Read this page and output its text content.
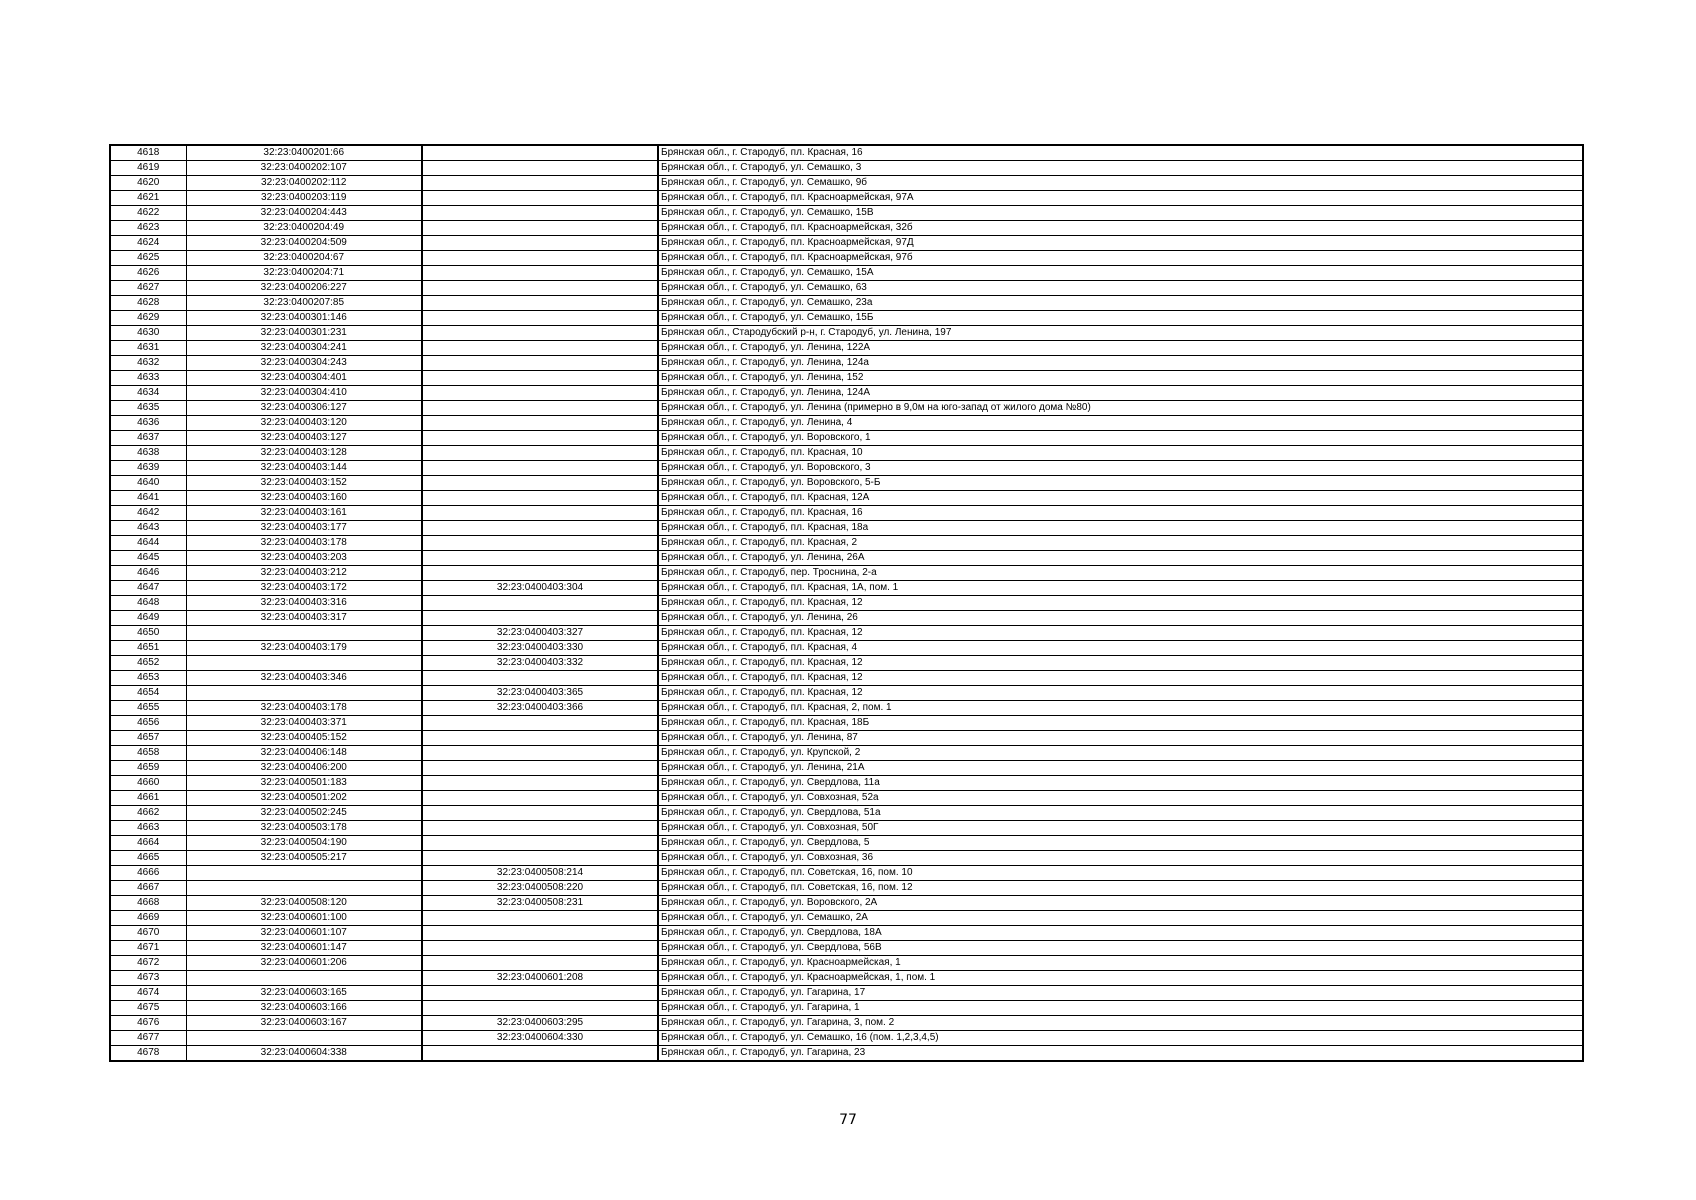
4618	32:23:0400201:66		Брянская обл., г. Стародуб, пл. Красная, 16
4619	32:23:0400202:107		Брянская обл., г. Стародуб, ул. Семашко, 3
4620	32:23:0400202:112		Брянская обл., г. Стародуб, ул. Семашко, 9б
4621	32:23:0400203:119		Брянская обл., г. Стародуб, пл. Красноармейская, 97А
4622	32:23:0400204:443		Брянская обл., г. Стародуб, ул. Семашко, 15В
4623	32:23:0400204:49		Брянская обл., г. Стародуб, пл. Красноармейская, 32б
4624	32:23:0400204:509		Брянская обл., г. Стародуб, пл. Красноармейская, 97Д
4625	32:23:0400204:67		Брянская обл., г. Стародуб, пл. Красноармейская, 97б
4626	32:23:0400204:71		Брянская обл., г. Стародуб, ул. Семашко, 15А
4627	32:23:0400206:227		Брянская обл., г. Стародуб, ул. Семашко, 63
4628	32:23:0400207:85		Брянская обл., г. Стародуб, ул. Семашко, 23а
4629	32:23:0400301:146		Брянская обл., г. Стародуб, ул. Семашко, 15Б
4630	32:23:0400301:231		Брянская обл., Стародубский р-н, г. Стародуб, ул. Ленина, 197
4631	32:23:0400304:241		Брянская обл., г. Стародуб, ул. Ленина, 122А
4632	32:23:0400304:243		Брянская обл., г. Стародуб, ул. Ленина, 124а
4633	32:23:0400304:401		Брянская обл., г. Стародуб, ул. Ленина, 152
4634	32:23:0400304:410		Брянская обл., г. Стародуб, ул. Ленина, 124А
4635	32:23:0400306:127		Брянская обл., г. Стародуб, ул. Ленина (примерно в 9,0м на юго-запад от жилого дома №80)
4636	32:23:0400403:120		Брянская обл., г. Стародуб, ул. Ленина, 4
4637	32:23:0400403:127		Брянская обл., г. Стародуб, ул. Воровского, 1
4638	32:23:0400403:128		Брянская обл., г. Стародуб, пл. Красная, 10
4639	32:23:0400403:144		Брянская обл., г. Стародуб, ул. Воровского, 3
4640	32:23:0400403:152		Брянская обл., г. Стародуб, ул. Воровского, 5-Б
4641	32:23:0400403:160		Брянская обл., г. Стародуб, пл. Красная, 12А
4642	32:23:0400403:161		Брянская обл., г. Стародуб, пл. Красная, 16
4643	32:23:0400403:177		Брянская обл., г. Стародуб, пл. Красная, 18а
4644	32:23:0400403:178		Брянская обл., г. Стародуб, пл. Красная, 2
4645	32:23:0400403:203		Брянская обл., г. Стародуб, ул. Ленина, 26А
4646	32:23:0400403:212		Брянская обл., г. Стародуб, пер. Троснина, 2-а
4647	32:23:0400403:172	32:23:0400403:304	Брянская обл., г. Стародуб, пл. Красная, 1А, пом. 1
4648	32:23:0400403:316		Брянская обл., г. Стародуб, пл. Красная, 12
4649	32:23:0400403:317		Брянская обл., г. Стародуб, ул. Ленина, 26
4650		32:23:0400403:327	Брянская обл., г. Стародуб, пл. Красная, 12
4651	32:23:0400403:179	32:23:0400403:330	Брянская обл., г. Стародуб, пл. Красная, 4
4652		32:23:0400403:332	Брянская обл., г. Стародуб, пл. Красная, 12
4653	32:23:0400403:346		Брянская обл., г. Стародуб, пл. Красная, 12
4654		32:23:0400403:365	Брянская обл., г. Стародуб, пл. Красная, 12
4655	32:23:0400403:178	32:23:0400403:366	Брянская обл., г. Стародуб, пл. Красная, 2, пом. 1
4656	32:23:0400403:371		Брянская обл., г. Стародуб, пл. Красная, 18Б
4657	32:23:0400405:152		Брянская обл., г. Стародуб, ул. Ленина, 87
4658	32:23:0400406:148		Брянская обл., г. Стародуб, ул. Крупской, 2
4659	32:23:0400406:200		Брянская обл., г. Стародуб, ул. Ленина, 21А
4660	32:23:0400501:183		Брянская обл., г. Стародуб, ул. Свердлова, 11а
4661	32:23:0400501:202		Брянская обл., г. Стародуб, ул. Совхозная, 52а
4662	32:23:0400502:245		Брянская обл., г. Стародуб, ул. Свердлова, 51а
4663	32:23:0400503:178		Брянская обл., г. Стародуб, ул. Совхозная, 50Г
4664	32:23:0400504:190		Брянская обл., г. Стародуб, ул. Свердлова, 5
4665	32:23:0400505:217		Брянская обл., г. Стародуб, ул. Совхозная, 36
4666		32:23:0400508:214	Брянская обл., г. Стародуб, пл. Советская, 16, пом. 10
4667		32:23:0400508:220	Брянская обл., г. Стародуб, пл. Советская, 16, пом. 12
4668	32:23:0400508:120	32:23:0400508:231	Брянская обл., г. Стародуб, ул. Воровского, 2А
4669	32:23:0400601:100		Брянская обл., г. Стародуб, ул. Семашко, 2А
4670	32:23:0400601:107		Брянская обл., г. Стародуб, ул. Свердлова, 18А
4671	32:23:0400601:147		Брянская обл., г. Стародуб, ул. Свердлова, 56В
4672	32:23:0400601:206		Брянская обл., г. Стародуб, ул. Красноармейская, 1
4673		32:23:0400601:208	Брянская обл., г. Стародуб, ул. Красноармейская, 1, пом. 1
4674	32:23:0400603:165		Брянская обл., г. Стародуб, ул. Гагарина, 17
4675	32:23:0400603:166		Брянская обл., г. Стародуб, ул. Гагарина, 1
4676	32:23:0400603:167	32:23:0400603:295	Брянская обл., г. Стародуб, ул. Гагарина, 3, пом. 2
4677		32:23:0400604:330	Брянская обл., г. Стародуб, ул. Семашко, 16 (пом. 1,2,3,4,5)
4678	32:23:0400604:338		Брянская обл., г. Стародуб, ул. Гагарина, 23
77
